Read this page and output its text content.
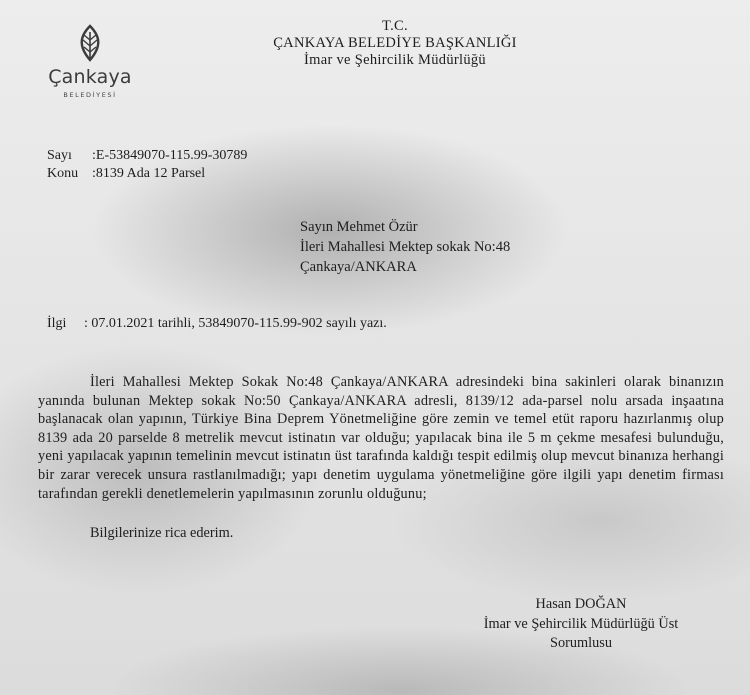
Çankaya
BELEDİYESİ
T.C.
ÇANKAYA BELEDİYE BAŞKANLIĞI
İmar ve Şehircilik Müdürlüğü
Sayı :E-53849070-115.99-30789
Konu :8139 Ada 12 Parsel
Sayın Mehmet Özür
İleri Mahallesi Mektep sokak No:48
Çankaya/ANKARA
İlgi : 07.01.2021 tarihli, 53849070-115.99-902 sayılı yazı.

İleri Mahallesi Mektep Sokak No:48 Çankaya/ANKARA adresindeki bina sakinleri olarak binanızın yanında bulunan Mektep sokak No:50 Çankaya/ANKARA adresli, 8139/12 ada-parsel nolu arsada inşaatına başlanacak olan yapının, Türkiye Bina Deprem Yönetmeliğine göre zemin ve temel etüt raporu hazırlanmış olup 8139 ada 20 parselde 8 metrelik mevcut istinatın var olduğu; yapılacak bina ile 5 m çekme mesafesi bulunduğu, yeni yapılacak yapının temelinin mevcut istinatın üst tarafında kaldığı tespit edilmiş olup mevcut binanıza herhangi bir zarar verecek unsura rastlanılmadığı; yapı denetim uygulama yönetmeliğine göre ilgili yapı denetim firması tarafından gerekli denetlemelerin yapılmasının zorunlu olduğunu;

Bilgilerinize rica ederim.
Hasan DOĞAN
İmar ve Şehircilik Müdürlüğü Üst
Sorumlusu
